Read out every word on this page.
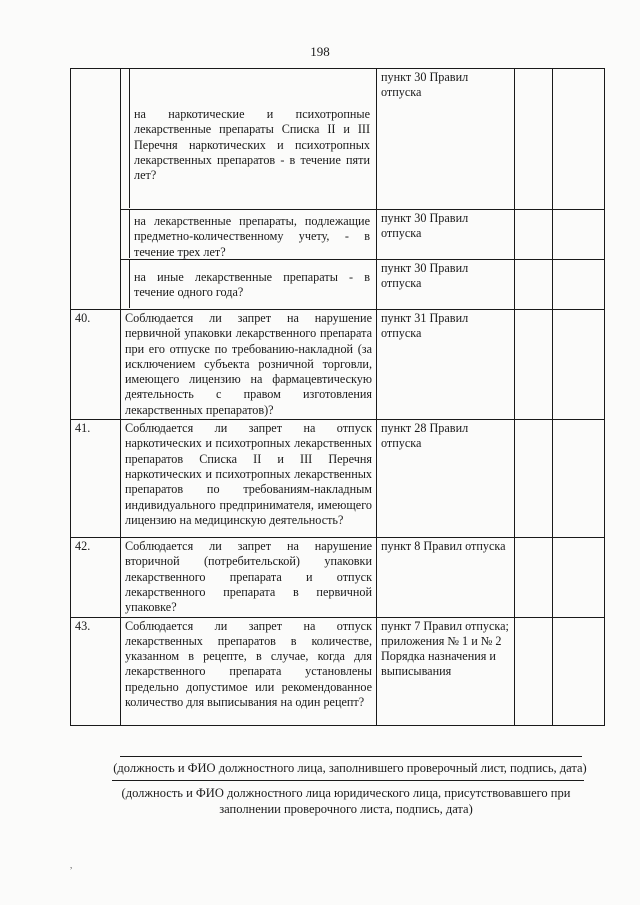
198

	на наркотические и психотропные лекарственные препараты Списка II и III Перечня наркотических и психотропных лекарственных препаратов - в течение пяти лет?	пункт 30 Правил отпуска		

	на лекарственные препараты, подлежащие предметно-количественному учету, - в течение трех лет?	пункт 30 Правил отпуска		

	на иные лекарственные препараты - в течение одного года?	пункт 30 Правил отпуска		
40.	Соблюдается ли запрет на нарушение первичной упаковки лекарственного препарата при его отпуске по требованию-накладной (за исключением субъекта розничной торговли, имеющего лицензию на фармацевтическую деятельность с правом изготовления лекарственных препаратов)?	пункт 31 Правил отпуска		
41.	Соблюдается ли запрет на отпуск наркотических и психотропных лекарственных препаратов Списка II и III Перечня наркотических и психотропных лекарственных препаратов по требованиям-накладным индивидуального предпринимателя, имеющего лицензию на медицинскую деятельность?	пункт 28 Правил отпуска		
42.	Соблюдается ли запрет на нарушение вторичной (потребительской) упаковки лекарственного препарата и отпуск лекарственного препарата в первичной упаковке?	пункт 8 Правил отпуска		
43.	Соблюдается ли запрет на отпуск лекарственных препаратов в количестве, указанном в рецепте, в случае, когда для лекарственного препарата установлены предельно допустимое или рекомендованное количество для выписывания на один рецепт?	пункт 7 Правил отпуска; приложения № 1 и № 2 Порядка назначения и выписывания		
(должность и ФИО должностного лица, заполнившего проверочный лист, подпись, дата)
(должность и ФИО должностного лица юридического лица, присутствовавшего при заполнении проверочного листа, подпись, дата)
,
